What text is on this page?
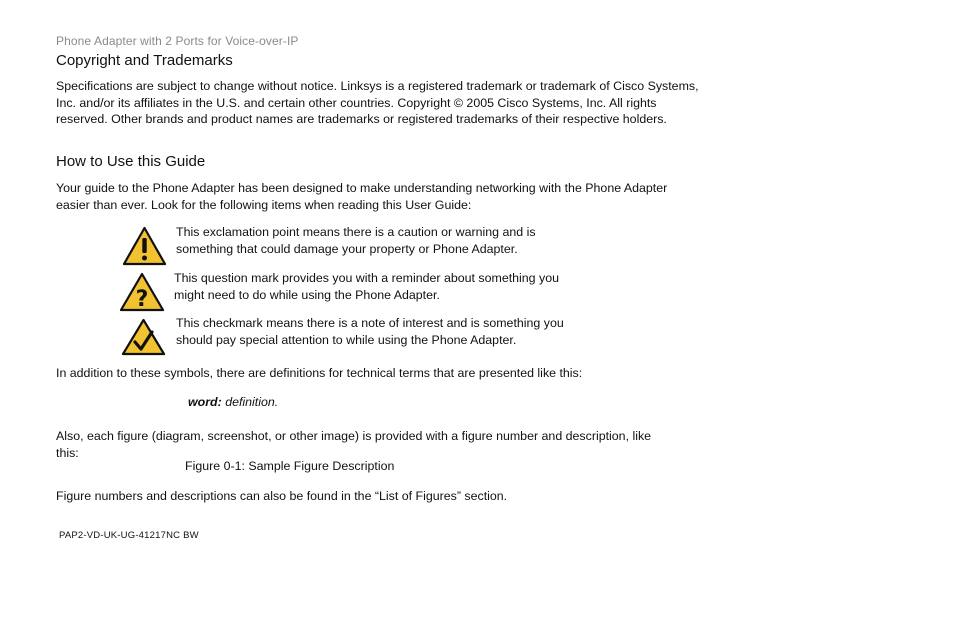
Phone Adapter with 2 Ports for Voice-over-IP
Copyright and Trademarks
Specifications are subject to change without notice. Linksys is a registered trademark or trademark of Cisco Systems,
Inc. and/or its affiliates in the U.S. and certain other countries. Copyright © 2005 Cisco Systems, Inc. All rights
reserved. Other brands and product names are trademarks or registered trademarks of their respective holders.
How to Use this Guide
Your guide to the Phone Adapter has been designed to make understanding networking with the Phone Adapter
easier than ever. Look for the following items when reading this User Guide:
This exclamation point means there is a caution or warning and is
something that could damage your property or Phone Adapter.
?
This question mark provides you with a reminder about something you
might need to do while using the Phone Adapter.
This checkmark means there is a note of interest and is something you
should pay special attention to while using the Phone Adapter.
In addition to these symbols, there are definitions for technical terms that are presented like this:
word: definition.
Also, each figure (diagram, screenshot, or other image) is provided with a figure number and description, like
this:
Figure 0-1: Sample Figure Description
Figure numbers and descriptions can also be found in the “List of Figures” section.
PAP2-VD-UK-UG-41217NC BW
